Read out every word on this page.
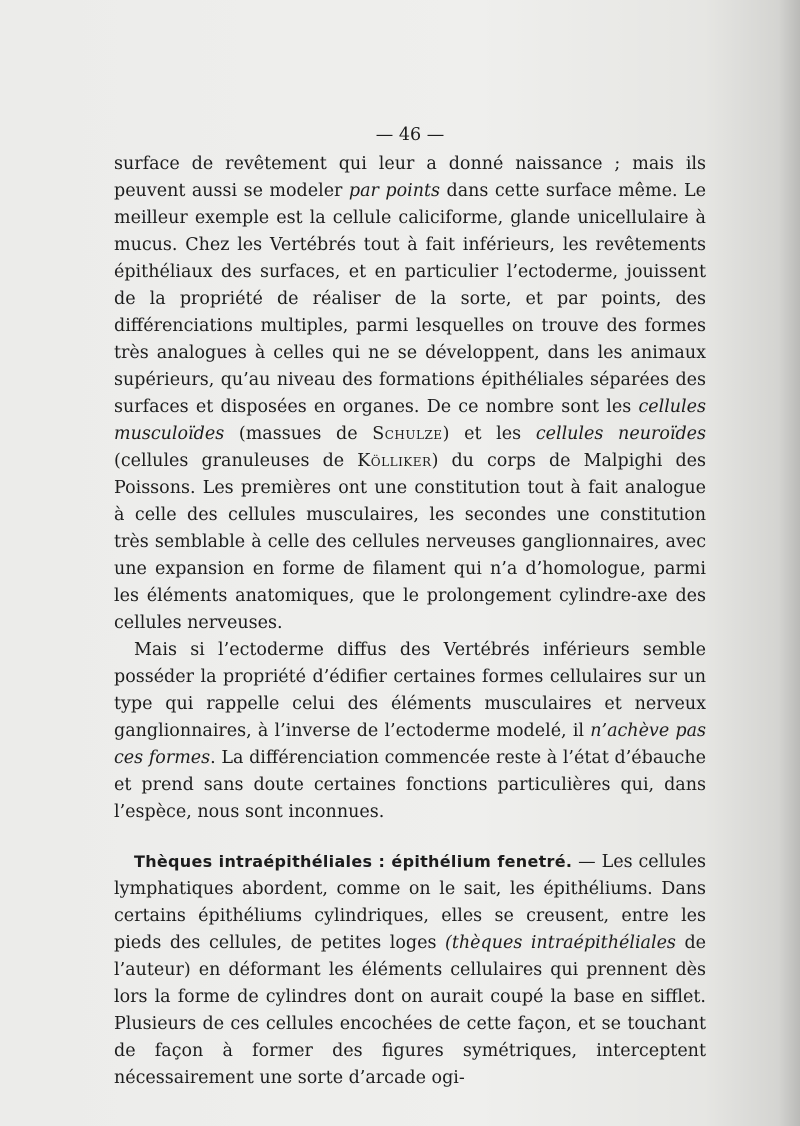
— 46 —

surface de revêtement qui leur a donné naissance ; mais ils peuvent aussi se modeler par points dans cette surface même. Le meilleur exemple est la cellule caliciforme, glande unicellulaire à mucus. Chez les Vertébrés tout à fait inférieurs, les revêtements épithéliaux des surfaces, et en particulier l’ectoderme, jouissent de la propriété de réaliser de la sorte, et par points, des différenciations multiples, parmi lesquelles on trouve des formes très analogues à celles qui ne se développent, dans les animaux supérieurs, qu’au niveau des formations épithéliales séparées des surfaces et disposées en organes. De ce nombre sont les cellules musculoïdes (massues de Schulze) et les cellules neuroïdes (cellules granuleuses de Kölliker) du corps de Malpighi des Poissons. Les premières ont une constitution tout à fait analogue à celle des cellules musculaires, les secondes une constitution très semblable à celle des cellules nerveuses ganglionnaires, avec une expansion en forme de filament qui n’a d’homologue, parmi les éléments anatomiques, que le prolongement cylindre-axe des cellules nerveuses.

Mais si l’ectoderme diffus des Vertébrés inférieurs semble posséder la propriété d’édifier certaines formes cellulaires sur un type qui rappelle celui des éléments musculaires et nerveux ganglionnaires, à l’inverse de l’ectoderme modelé, il n’achève pas ces formes. La différenciation commencée reste à l’état d’ébauche et prend sans doute certaines fonctions particulières qui, dans l’espèce, nous sont inconnues.

Thèques intraépithéliales : épithélium fenetré. — Les cellules lymphatiques abordent, comme on le sait, les épithéliums. Dans certains épithéliums cylindriques, elles se creusent, entre les pieds des cellules, de petites loges (thèques intraépithéliales de l’auteur) en déformant les éléments cellulaires qui prennent dès lors la forme de cylindres dont on aurait coupé la base en sifflet. Plusieurs de ces cellules encochées de cette façon, et se touchant de façon à former des figures symétriques, interceptent nécessairement une sorte d’arcade ogi-
